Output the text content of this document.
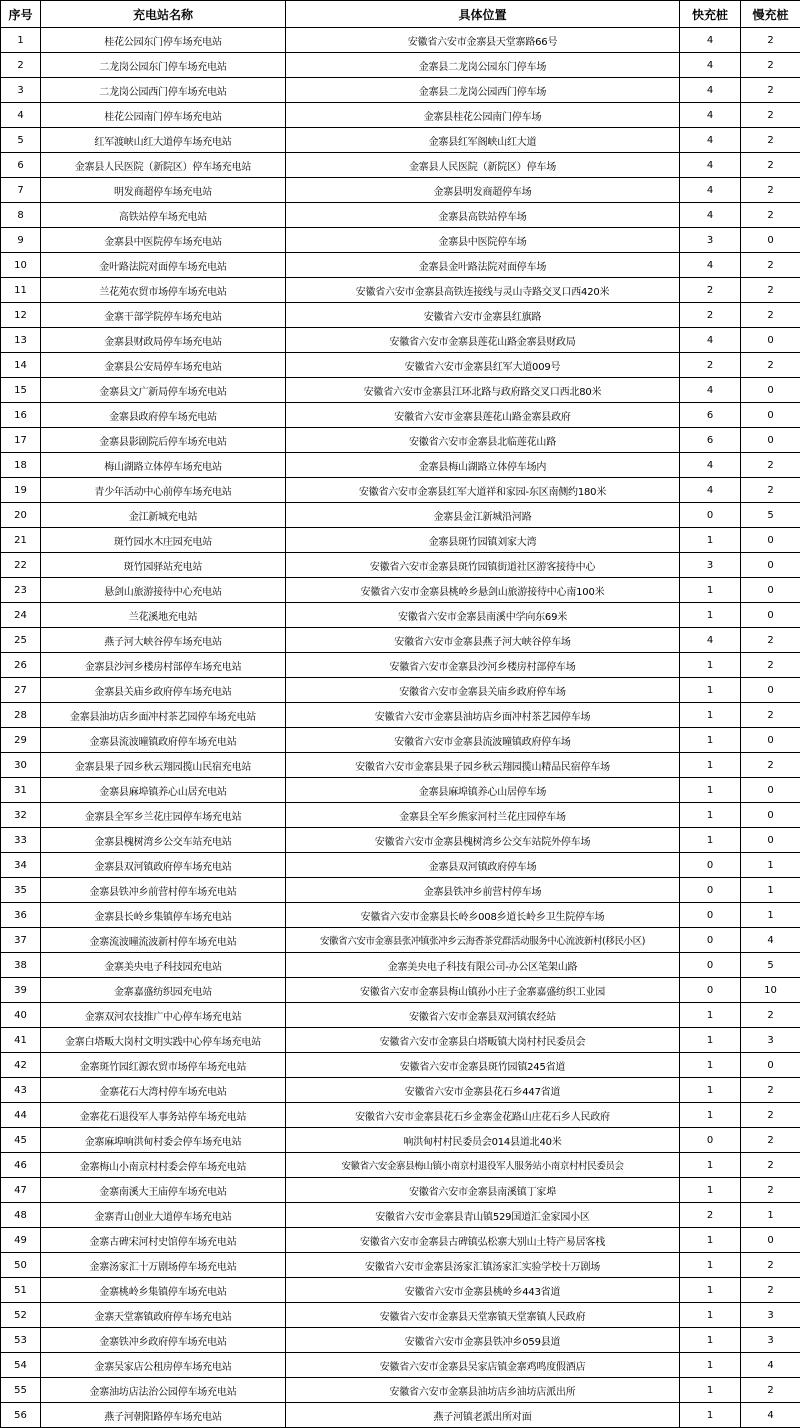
序号	充电站名称	具体位置	快充桩	慢充桩
1	桂花公园东门停车场充电站	安徽省六安市金寨县天堂寨路66号	4	2
2	二龙岗公园东门停车场充电站	金寨县二龙岗公园东门停车场	4	2
3	二龙岗公园西门停车场充电站	金寨县二龙岗公园西门停车场	4	2
4	桂花公园南门停车场充电站	金寨县桂花公园南门停车场	4	2
5	红军渡峡山红大道停车场充电站	金寨县红军阁峡山红大道	4	2
6	金寨县人民医院（新院区）停车场充电站	金寨县人民医院（新院区）停车场	4	2
7	明发商超停车场充电站	金寨县明发商超停车场	4	2
8	高铁站停车场充电站	金寨县高铁站停车场	4	2
9	金寨县中医院停车场充电站	金寨县中医院停车场	3	0
10	金叶路法院对面停车场充电站	金寨县金叶路法院对面停车场	4	2
11	兰花苑农贸市场停车场充电站	安徽省六安市金寨县高铁连接线与灵山寺路交叉口西420米	2	2
12	金寨干部学院停车场充电站	安徽省六安市金寨县红旗路	2	2
13	金寨县财政局停车场充电站	安徽省六安市金寨县莲花山路金寨县财政局	4	0
14	金寨县公安局停车场充电站	安徽省六安市金寨县红军大道009号	2	2
15	金寨县文广新局停车场充电站	安徽省六安市金寨县江环北路与政府路交叉口西北80米	4	0
16	金寨县政府停车场充电站	安徽省六安市金寨县莲花山路金寨县政府	6	0
17	金寨县影剧院后停车场充电站	安徽省六安市金寨县北临莲花山路	6	0
18	梅山湖路立体停车场充电站	金寨县梅山湖路立体停车场内	4	2
19	青少年活动中心前停车场充电站	安徽省六安市金寨县红军大道祥和家园-东区南侧约180米	4	2
20	金江新城充电站	金寨县金江新城沿河路	0	5
21	斑竹园水木庄园充电站	金寨县斑竹园镇刘家大湾	1	0
22	斑竹园驿站充电站	安徽省六安市金寨县斑竹园镇街道社区游客接待中心	3	0
23	悬剑山旅游接待中心充电站	安徽省六安市金寨县桃岭乡悬剑山旅游接待中心南100米	1	0
24	兰花溪地充电站	安徽省六安市金寨县南溪中学向东69米	1	0
25	燕子河大峡谷停车场充电站	安徽省六安市金寨县燕子河大峡谷停车场	4	2
26	金寨县沙河乡楼房村部停车场充电站	安徽省六安市金寨县沙河乡楼房村部停车场	1	2
27	金寨县关庙乡政府停车场充电站	安徽省六安市金寨县关庙乡政府停车场	1	0
28	金寨县油坊店乡面冲村茶艺园停车场充电站	安徽省六安市金寨县油坊店乡面冲村茶艺园停车场	1	2
29	金寨县流波曈镇政府停车场充电站	安徽省六安市金寨县流波曈镇政府停车场	1	0
30	金寨县果子园乡秋云翔园揽山民宿充电站	安徽省六安市金寨县果子园乡秋云翔园揽山精品民宿停车场	1	2
31	金寨县麻埠镇养心山居充电站	金寨县麻埠镇养心山居停车场	1	0
32	金寨县全军乡兰花庄园停车场充电站	金寨县全军乡熊家河村兰花庄园停车场	1	0
33	金寨县槐树湾乡公交车站充电站	安徽省六安市金寨县槐树湾乡公交车站院外停车场	1	0
34	金寨县双河镇政府停车场充电站	金寨县双河镇政府停车场	0	1
35	金寨县铁冲乡前营村停车场充电站	金寨县铁冲乡前营村停车场	0	1
36	金寨县长岭乡集镇停车场充电站	安徽省六安市金寨县长岭乡008乡道长岭乡卫生院停车场	0	1
37	金寨流波曈流波新村停车场充电站	安徽省六安市金寨县张冲镇张冲乡云海香茶党群活动服务中心流波新村(移民小区)	0	4
38	金寨美央电子科技园充电站	金寨美央电子科技有限公司-办公区笔架山路	0	5
39	金寨嘉盛纺织园充电站	安徽省六安市金寨县梅山镇孙小庄子金寨嘉盛纺织工业园	0	10
40	金寨双河农技推广中心停车场充电站	安徽省六安市金寨县双河镇农经站	1	2
41	金寨白塔畈大岗村文明实践中心停车场充电站	安徽省六安市金寨县白塔畈镇大岗村村民委员会	1	3
42	金寨斑竹园红源农贸市场停车场充电站	安徽省六安市金寨县斑竹园镇245省道	1	0
43	金寨花石大湾村停车场充电站	安徽省六安市金寨县花石乡447省道	1	2
44	金寨花石退役军人事务站停车场充电站	安徽省六安市金寨县花石乡金寨金花路山庄花石乡人民政府	1	2
45	金寨麻埠响洪甸村委会停车场充电站	响洪甸村村民委员会014县道北40米	0	2
46	金寨梅山小南京村村委会停车场充电站	安徽省六安金寨县梅山镇小南京村退役军人服务站小南京村村民委员会	1	2
47	金寨南溪大王庙停车场充电站	安徽省六安市金寨县南溪镇丁家埠	1	2
48	金寨青山创业大道停车场充电站	安徽省六安市金寨县青山镇529国道汇金家园小区	2	1
49	金寨古碑宋河村史馆停车场充电站	安徽省六安市金寨县古碑镇弘松寨大别山土特产易居客栈	1	0
50	金寨汤家汇十万剧场停车场充电站	安徽省六安市金寨县汤家汇镇汤家汇实验学校十万剧场	1	2
51	金寨桃岭乡集镇停车场充电站	安徽省六安市金寨县桃岭乡443省道	1	2
52	金寨天堂寨镇政府停车场充电站	安徽省六安市金寨县天堂寨镇天堂寨镇人民政府	1	3
53	金寨铁冲乡政府停车场充电站	安徽省六安市金寨县铁冲乡059县道	1	3
54	金寨吴家店公租房停车场充电站	安徽省六安市金寨县吴家店镇金寨鸡鸣度假酒店	1	4
55	金寨油坊店法治公园停车场充电站	安徽省六安市金寨县油坊店乡油坊店派出所	1	2
56	燕子河朝阳路停车场充电站	燕子河镇老派出所对面	1	4
